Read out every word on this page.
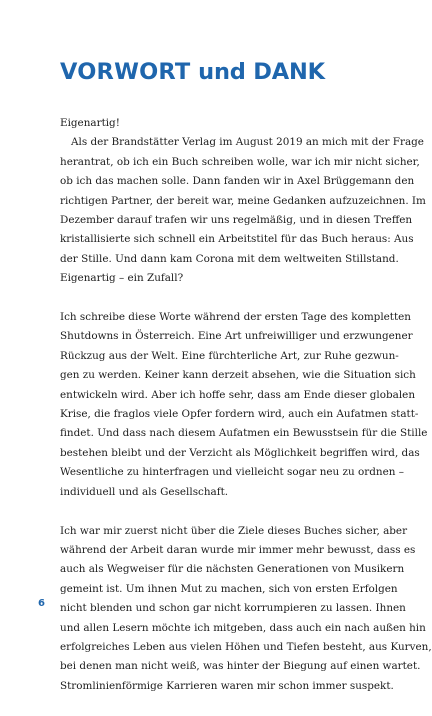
VORWORT und DANK

Eigenartig!
Als der Brandstätter Verlag im August 2019 an mich mit der Frage
herantrat, ob ich ein Buch schreiben wolle, war ich mir nicht sicher,
ob ich das machen solle. Dann fanden wir in Axel Brüggemann den
richtigen Partner, der bereit war, meine Gedanken aufzuzeichnen. Im
Dezember darauf trafen wir uns regelmäßig, und in diesen Treffen
kristallisierte sich schnell ein Arbeitstitel für das Buch heraus: Aus
der Stille. Und dann kam Corona mit dem weltweiten Stillstand.
Eigenartig – ein Zufall?

Ich schreibe diese Worte während der ersten Tage des kompletten
Shutdowns in Österreich. Eine Art unfreiwilliger und erzwungener
Rückzug aus der Welt. Eine fürchterliche Art, zur Ruhe gezwun-
gen zu werden. Keiner kann derzeit absehen, wie die Situation sich
entwickeln wird. Aber ich hoffe sehr, dass am Ende dieser globalen
Krise, die fraglos viele Opfer fordern wird, auch ein Aufatmen statt-
findet. Und dass nach diesem Aufatmen ein Bewusstsein für die Stille
bestehen bleibt und der Verzicht als Möglichkeit begriffen wird, das
Wesentliche zu hinterfragen und vielleicht sogar neu zu ordnen –
individuell und als Gesellschaft.

Ich war mir zuerst nicht über die Ziele dieses Buches sicher, aber
während der Arbeit daran wurde mir immer mehr bewusst, dass es
auch als Wegweiser für die nächsten Generationen von Musikern
gemeint ist. Um ihnen Mut zu machen, sich von ersten Erfolgen
nicht blenden und schon gar nicht korrumpieren zu lassen. Ihnen
und allen Lesern möchte ich mitgeben, dass auch ein nach außen hin
erfolgreiches Leben aus vielen Höhen und Tiefen besteht, aus Kurven,
bei denen man nicht weiß, was hinter der Biegung auf einen wartet.
Stromlinienförmige Karrieren waren mir schon immer suspekt.

6
